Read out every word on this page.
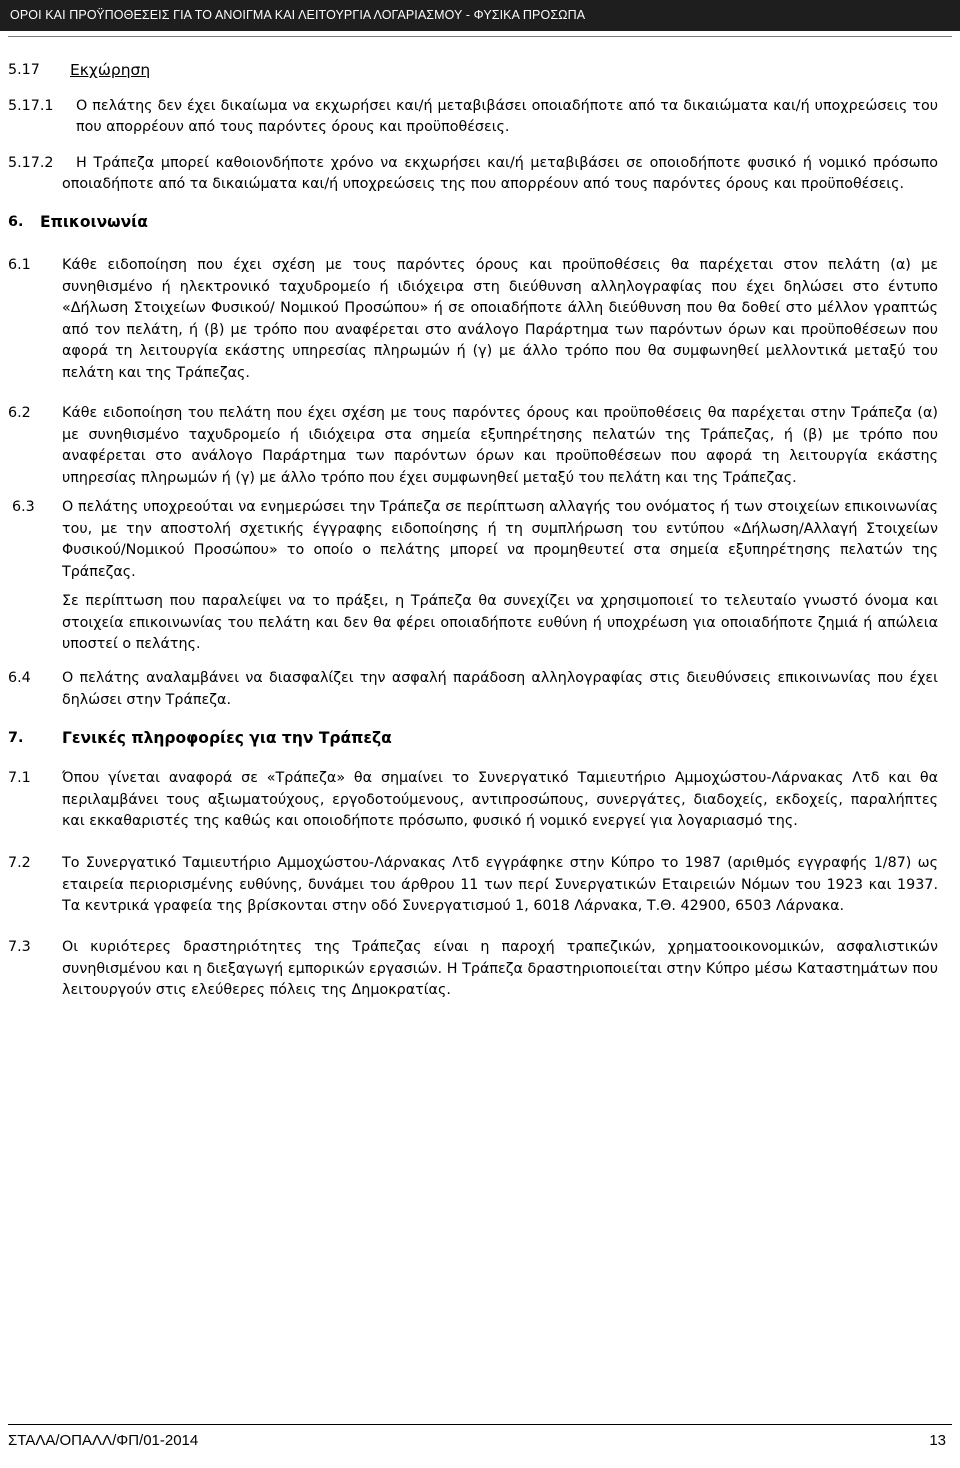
ΟΡΟΙ ΚΑΙ ΠΡΟΫΠΟΘΕΣΕΙΣ ΓΙΑ ΤΟ ΑΝΟΙΓΜΑ ΚΑΙ ΛΕΙΤΟΥΡΓΙΑ ΛΟΓΑΡΙΑΣΜΟΥ - ΦΥΣΙΚΑ ΠΡΟΣΩΠΑ
5.17 Εκχώρηση
5.17.1 Ο πελάτης δεν έχει δικαίωμα να εκχωρήσει και/ή μεταβιβάσει οποιαδήποτε από τα δικαιώματα και/ή υποχρεώσεις του που απορρέουν από τους παρόντες όρους και προϋποθέσεις.
5.17.2	Η Τράπεζα μπορεί καθοιονδήποτε χρόνο να εκχωρήσει και/ή μεταβιβάσει σε οποιοδήποτε φυσικό ή νομικό πρόσωπο οποιαδήποτε από τα δικαιώματα και/ή υποχρεώσεις της που απορρέουν από τους παρόντες όρους και προϋποθέσεις.
6. Επικοινωνία
6.1 Κάθε ειδοποίηση που έχει σχέση με τους παρόντες όρους και προϋποθέσεις θα παρέχεται στον πελάτη (α) με συνηθισμένο ή ηλεκτρονικό ταχυδρομείο ή ιδιόχειρα στη διεύθυνση αλληλογραφίας που έχει δηλώσει στο έντυπο «Δήλωση Στοιχείων Φυσικού/ Νομικού Προσώπου» ή σε οποιαδήποτε άλλη διεύθυνση που θα δοθεί στο μέλλον γραπτώς από τον πελάτη, ή (β) με τρόπο που αναφέρεται στο ανάλογο Παράρτημα των παρόντων όρων και προϋποθέσεων που αφορά τη λειτουργία εκάστης υπηρεσίας πληρωμών ή (γ) με άλλο τρόπο που θα συμφωνηθεί μελλοντικά μεταξύ του πελάτη και της Τράπεζας.
6.2 Κάθε ειδοποίηση του πελάτη που έχει σχέση με τους παρόντες όρους και προϋποθέσεις θα παρέχεται στην Τράπεζα (α) με συνηθισμένο ταχυδρομείο ή ιδιόχειρα στα σημεία εξυπηρέτησης πελατών της Τράπεζας, ή (β) με τρόπο που αναφέρεται στο ανάλογο Παράρτημα των παρόντων όρων και προϋποθέσεων που αφορά τη λειτουργία εκάστης υπηρεσίας πληρωμών ή (γ) με άλλο τρόπο που έχει συμφωνηθεί μεταξύ του πελάτη και της Τράπεζας.
6.3 Ο πελάτης υποχρεούται να ενημερώσει την Τράπεζα σε περίπτωση αλλαγής του ονόματος ή των στοιχείων επικοινωνίας του, με την αποστολή σχετικής έγγραφης ειδοποίησης ή τη συμπλήρωση του εντύπου «Δήλωση/Αλλαγή Στοιχείων Φυσικού/Νομικού Προσώπου» το οποίο ο πελάτης μπορεί να προμηθευτεί στα σημεία εξυπηρέτησης πελατών της Τράπεζας.
Σε περίπτωση που παραλείψει να το πράξει, η Τράπεζα θα συνεχίζει να χρησιμοποιεί το τελευταίο γνωστό όνομα και στοιχεία επικοινωνίας του πελάτη και δεν θα φέρει οποιαδήποτε ευθύνη ή υποχρέωση για οποιαδήποτε ζημιά ή απώλεια υποστεί ο πελάτης.
6.4 Ο πελάτης αναλαμβάνει να διασφαλίζει την ασφαλή παράδοση αλληλογραφίας στις διευθύνσεις επικοινωνίας που έχει δηλώσει στην Τράπεζα.
7. Γενικές πληροφορίες για την Τράπεζα
7.1 Όπου γίνεται αναφορά σε «Τράπεζα» θα σημαίνει το Συνεργατικό Ταμιευτήριο Αμμοχώστου-Λάρνακας Λτδ και θα περιλαμβάνει τους αξιωματούχους, εργοδοτούμενους, αντιπροσώπους, συνεργάτες, διαδοχείς, εκδοχείς, παραλήπτες και εκκαθαριστές της καθώς και οποιοδήποτε πρόσωπο, φυσικό ή νομικό ενεργεί για λογαριασμό της.
7.2 Το Συνεργατικό Ταμιευτήριο Αμμοχώστου-Λάρνακας Λτδ εγγράφηκε στην Κύπρο το 1987 (αριθμός εγγραφής 1/87) ως εταιρεία περιορισμένης ευθύνης, δυνάμει του άρθρου 11 των περί Συνεργατικών Εταιρειών Νόμων του 1923 και 1937. Τα κεντρικά γραφεία της βρίσκονται στην οδό Συνεργατισμού 1, 6018 Λάρνακα, Τ.Θ. 42900, 6503 Λάρνακα.
7.3 Οι κυριότερες δραστηριότητες της Τράπεζας είναι η παροχή τραπεζικών, χρηματοοικονομικών, ασφαλιστικών συνηθισμένου και η διεξαγωγή εμπορικών εργασιών. Η Τράπεζα δραστηριοποιείται στην Κύπρο μέσω Καταστημάτων που λειτουργούν στις ελεύθερες πόλεις της Δημοκρατίας.
ΣΤΑΛΑ/ΟΠΑΛΛ/ΦΠ/01-2014	13
